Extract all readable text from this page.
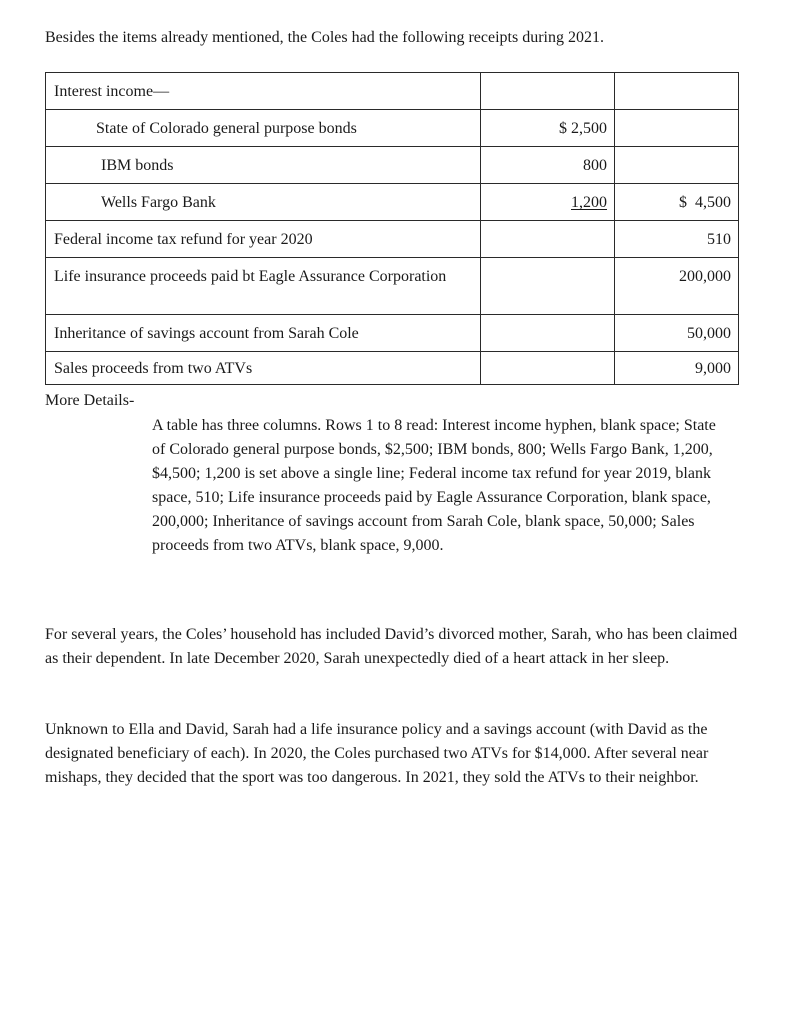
Besides the items already mentioned, the Coles had the following receipts during 2021.

Interest income—		
State of Colorado general purpose bonds	$ 2,500	
IBM bonds	800	
Wells Fargo Bank	1,200	$  4,500
Federal income tax refund for year 2020		510
Life insurance proceeds paid bt Eagle Assurance Corporation		200,000
Inheritance of savings account from Sarah Cole		50,000
Sales proceeds from two ATVs		9,000

More Details-

A table has three columns. Rows 1 to 8 read: Interest income hyphen, blank space; State of Colorado general purpose bonds, $2,500; IBM bonds, 800; Wells Fargo Bank, 1,200, $4,500; 1,200 is set above a single line; Federal income tax refund for year 2019, blank space, 510; Life insurance proceeds paid by Eagle Assurance Corporation, blank space, 200,000; Inheritance of savings account from Sarah Cole, blank space, 50,000; Sales proceeds from two ATVs, blank space, 9,000.

For several years, the Coles’ household has included David’s divorced mother, Sarah, who has been claimed as their dependent. In late December 2020, Sarah unexpectedly died of a heart attack in her sleep.

Unknown to Ella and David, Sarah had a life insurance policy and a savings account (with David as the designated beneficiary of each). In 2020, the Coles purchased two ATVs for $14,000. After several near mishaps, they decided that the sport was too dangerous. In 2021, they sold the ATVs to their neighbor.
